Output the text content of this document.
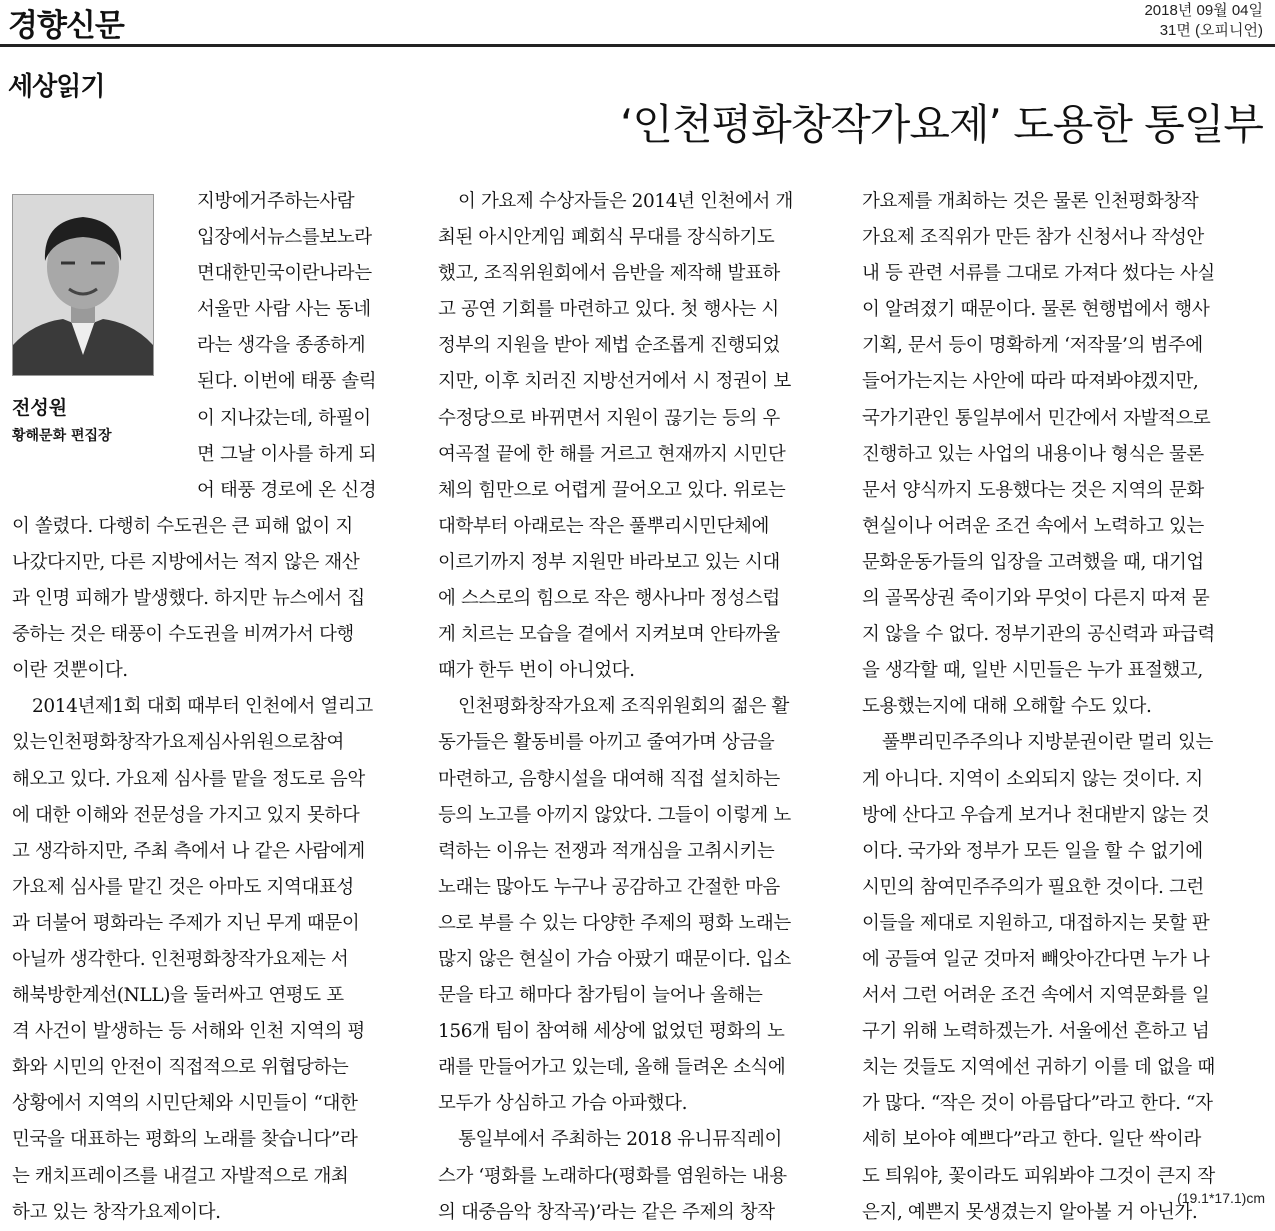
경향신문	2018년 09월 04일
31면 (오피니언)
세상읽기
‘인천평화창작가요제’ 도용한 통일부
전성원
황해문화 편집장
지방에거주하는사람
입장에서뉴스를보노라
면대한민국이란나라는
서울만 사람 사는 동네
라는 생각을 종종하게
된다. 이번에 태풍 솔릭
이 지나갔는데, 하필이
면 그날 이사를 하게 되
어 태풍 경로에 온 신경
이 쏠렸다. 다행히 수도권은 큰 피해 없이 지
나갔다지만, 다른 지방에서는 적지 않은 재산
과 인명 피해가 발생했다. 하지만 뉴스에서 집
중하는 것은 태풍이 수도권을 비껴가서 다행
이란 것뿐이다.
2014년제1회 대회 때부터 인천에서 열리고
있는인천평화창작가요제심사위원으로참여
해오고 있다. 가요제 심사를 맡을 정도로 음악
에 대한 이해와 전문성을 가지고 있지 못하다
고 생각하지만, 주최 측에서 나 같은 사람에게
가요제 심사를 맡긴 것은 아마도 지역대표성
과 더불어 평화라는 주제가 지닌 무게 때문이
아닐까 생각한다. 인천평화창작가요제는 서
해북방한계선(NLL)을 둘러싸고 연평도 포
격 사건이 발생하는 등 서해와 인천 지역의 평
화와 시민의 안전이 직접적으로 위협당하는
상황에서 지역의 시민단체와 시민들이 “대한
민국을 대표하는 평화의 노래를 찾습니다”라
는 캐치프레이즈를 내걸고 자발적으로 개최
하고 있는 창작가요제이다.
이 가요제 수상자들은 2014년 인천에서 개
최된 아시안게임 폐회식 무대를 장식하기도
했고, 조직위원회에서 음반을 제작해 발표하
고 공연 기회를 마련하고 있다. 첫 행사는 시
정부의 지원을 받아 제법 순조롭게 진행되었
지만, 이후 치러진 지방선거에서 시 정권이 보
수정당으로 바뀌면서 지원이 끊기는 등의 우
여곡절 끝에 한 해를 거르고 현재까지 시민단
체의 힘만으로 어렵게 끌어오고 있다. 위로는
대학부터 아래로는 작은 풀뿌리시민단체에
이르기까지 정부 지원만 바라보고 있는 시대
에 스스로의 힘으로 작은 행사나마 정성스럽
게 치르는 모습을 곁에서 지켜보며 안타까울
때가 한두 번이 아니었다.
인천평화창작가요제 조직위원회의 젊은 활
동가들은 활동비를 아끼고 줄여가며 상금을
마련하고, 음향시설을 대여해 직접 설치하는
등의 노고를 아끼지 않았다. 그들이 이렇게 노
력하는 이유는 전쟁과 적개심을 고취시키는
노래는 많아도 누구나 공감하고 간절한 마음
으로 부를 수 있는 다양한 주제의 평화 노래는
많지 않은 현실이 가슴 아팠기 때문이다. 입소
문을 타고 해마다 참가팀이 늘어나 올해는
156개 팀이 참여해 세상에 없었던 평화의 노
래를 만들어가고 있는데, 올해 들려온 소식에
모두가 상심하고 가슴 아파했다.
통일부에서 주최하는 2018 유니뮤직레이
스가 ‘평화를 노래하다(평화를 염원하는 내용
의 대중음악 창작곡)’라는 같은 주제의 창작
가요제를 개최하는 것은 물론 인천평화창작
가요제 조직위가 만든 참가 신청서나 작성안
내 등 관련 서류를 그대로 가져다 썼다는 사실
이 알려졌기 때문이다. 물론 현행법에서 행사
기획, 문서 등이 명확하게 ‘저작물’의 범주에
들어가는지는 사안에 따라 따져봐야겠지만,
국가기관인 통일부에서 민간에서 자발적으로
진행하고 있는 사업의 내용이나 형식은 물론
문서 양식까지 도용했다는 것은 지역의 문화
현실이나 어려운 조건 속에서 노력하고 있는
문화운동가들의 입장을 고려했을 때, 대기업
의 골목상권 죽이기와 무엇이 다른지 따져 묻
지 않을 수 없다. 정부기관의 공신력과 파급력
을 생각할 때, 일반 시민들은 누가 표절했고,
도용했는지에 대해 오해할 수도 있다.
풀뿌리민주주의나 지방분권이란 멀리 있는
게 아니다. 지역이 소외되지 않는 것이다. 지
방에 산다고 우습게 보거나 천대받지 않는 것
이다. 국가와 정부가 모든 일을 할 수 없기에
시민의 참여민주주의가 필요한 것이다. 그런
이들을 제대로 지원하고, 대접하지는 못할 판
에 공들여 일군 것마저 빼앗아간다면 누가 나
서서 그런 어려운 조건 속에서 지역문화를 일
구기 위해 노력하겠는가. 서울에선 흔하고 넘
치는 것들도 지역에선 귀하기 이를 데 없을 때
가 많다. “작은 것이 아름답다”라고 한다. “자
세히 보아야 예쁘다”라고 한다. 일단 싹이라
도 틔워야, 꽃이라도 피워봐야 그것이 큰지 작
은지, 예쁜지 못생겼는지 알아볼 거 아닌가.
(19.1*17.1)cm
